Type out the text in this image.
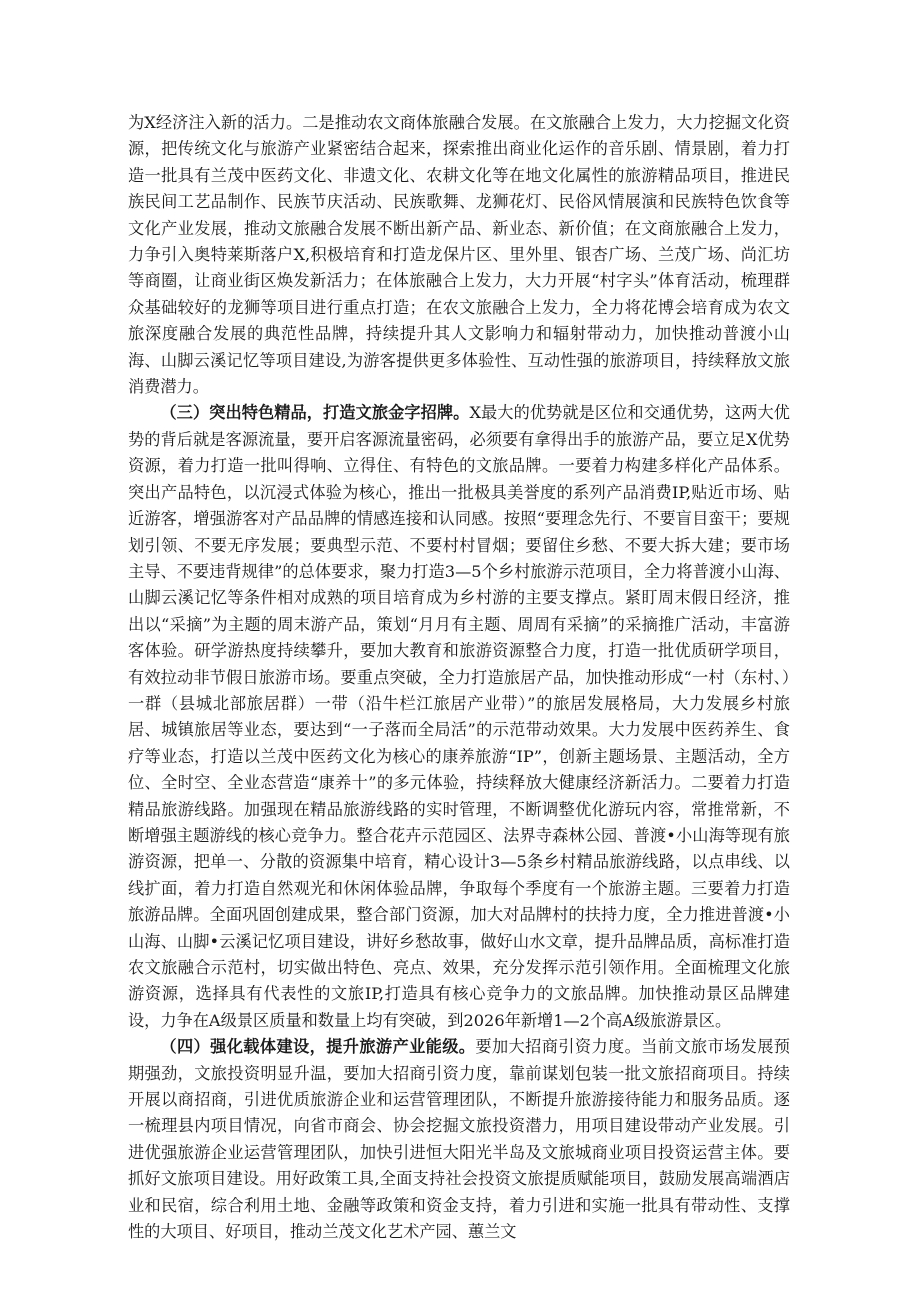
为X经济注入新的活力。二是推动农文商体旅融合发展。在文旅融合上发力，大力挖掘文化资源，把传统文化与旅游产业紧密结合起来，探索推出商业化运作的音乐剧、情景剧，着力打造一批具有兰茂中医药文化、非遗文化、农耕文化等在地文化属性的旅游精品项目，推进民族民间工艺品制作、民族节庆活动、民族歌舞、龙狮花灯、民俗风情展演和民族特色饮食等文化产业发展，推动文旅融合发展不断出新产品、新业态、新价值；在文商旅融合上发力，力争引入奥特莱斯落户X,积极培育和打造龙保片区、里外里、银杏广场、兰茂广场、尚汇坊等商圈，让商业街区焕发新活力；在体旅融合上发力，大力开展“村字头”体育活动，梳理群众基础较好的龙狮等项目进行重点打造；在农文旅融合上发力，全力将花博会培育成为农文旅深度融合发展的典范性品牌，持续提升其人文影响力和辐射带动力，加快推动普渡小山海、山脚云溪记忆等项目建设,为游客提供更多体验性、互动性强的旅游项目，持续释放文旅消费潜力。

（三）突出特色精品，打造文旅金字招牌。X最大的优势就是区位和交通优势，这两大优势的背后就是客源流量，要开启客源流量密码，必须要有拿得出手的旅游产品，要立足X优势资源，着力打造一批叫得响、立得住、有特色的文旅品牌。一要着力构建多样化产品体系。突出产品特色，以沉浸式体验为核心，推出一批极具美誉度的系列产品消费IP,贴近市场、贴近游客，增强游客对产品品牌的情感连接和认同感。按照“要理念先行、不要盲目蛮干；要规划引领、不要无序发展；要典型示范、不要村村冒烟；要留住乡愁、不要大拆大建；要市场主导、不要违背规律”的总体要求，聚力打造3—5个乡村旅游示范项目，全力将普渡小山海、山脚云溪记忆等条件相对成熟的项目培育成为乡村游的主要支撑点。紧盯周末假日经济，推出以“采摘”为主题的周末游产品，策划“月月有主题、周周有采摘”的采摘推广活动，丰富游客体验。研学游热度持续攀升，要加大教育和旅游资源整合力度，打造一批优质研学项目，有效拉动非节假日旅游市场。要重点突破，全力打造旅居产品，加快推动形成“一村（东村、）一群（县城北部旅居群）一带（沿牛栏江旅居产业带）”的旅居发展格局，大力发展乡村旅居、城镇旅居等业态，要达到“一子落而全局活”的示范带动效果。大力发展中医药养生、食疗等业态，打造以兰茂中医药文化为核心的康养旅游“IP”，创新主题场景、主题活动，全方位、全时空、全业态营造“康养十”的多元体验，持续释放大健康经济新活力。二要着力打造精品旅游线路。加强现在精品旅游线路的实时管理，不断调整优化游玩内容，常推常新，不断增强主题游线的核心竞争力。整合花卉示范园区、法界寺森林公园、普渡•小山海等现有旅游资源，把单一、分散的资源集中培育，精心设计3—5条乡村精品旅游线路，以点串线、以线扩面，着力打造自然观光和休闲体验品牌，争取每个季度有一个旅游主题。三要着力打造旅游品牌。全面巩固创建成果，整合部门资源，加大对品牌村的扶持力度，全力推进普渡•小山海、山脚•云溪记忆项目建设，讲好乡愁故事，做好山水文章，提升品牌品质，高标准打造农文旅融合示范村，切实做出特色、亮点、效果，充分发挥示范引领作用。全面梳理文化旅游资源，选择具有代表性的文旅IP,打造具有核心竞争力的文旅品牌。加快推动景区品牌建设，力争在A级景区质量和数量上均有突破，到2026年新增1—2个高A级旅游景区。

（四）强化载体建设，提升旅游产业能级。要加大招商引资力度。当前文旅市场发展预期强劲，文旅投资明显升温，要加大招商引资力度，靠前谋划包装一批文旅招商项目。持续开展以商招商，引进优质旅游企业和运营管理团队，不断提升旅游接待能力和服务品质。逐一梳理县内项目情况，向省市商会、协会挖掘文旅投资潜力，用项目建设带动产业发展。引进优强旅游企业运营管理团队，加快引进恒大阳光半岛及文旅城商业项目投资运营主体。要抓好文旅项目建设。用好政策工具,全面支持社会投资文旅提质赋能项目，鼓励发展高端酒店业和民宿，综合利用土地、金融等政策和资金支持，着力引进和实施一批具有带动性、支撑性的大项目、好项目，推动兰茂文化艺术产园、蕙兰文
